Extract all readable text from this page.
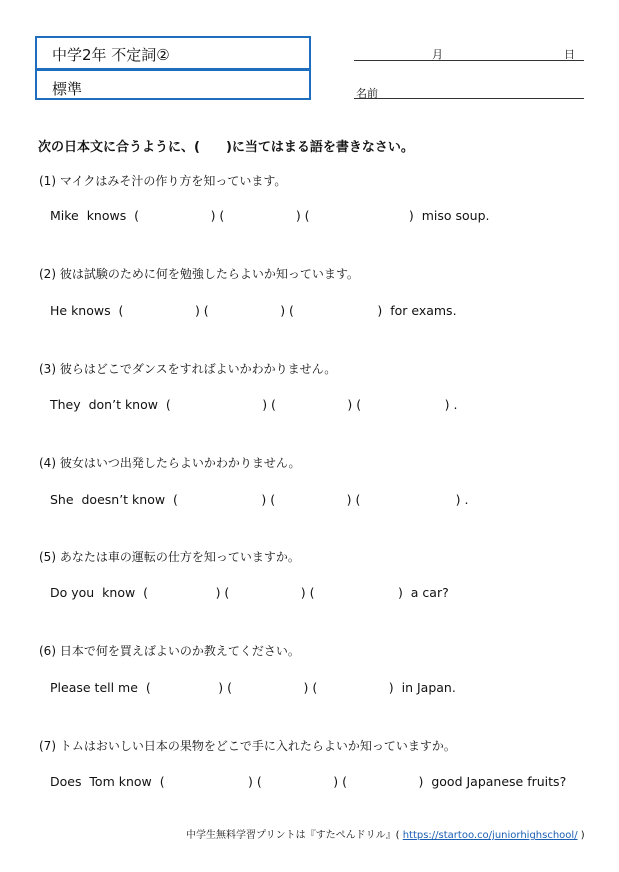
中学2年 不定詞②
標準
月	日
名前
次の日本文に合うように、(　　)に当てはまる語を書きなさい。
(1) マイクはみそ汁の作り方を知っています。
Mike  knows  (                  ) (                  ) (                         )  miso soup.
(2) 彼は試験のために何を勉強したらよいか知っています。
He knows  (                  ) (                  ) (                     )  for exams.
(3) 彼らはどこでダンスをすればよいかわかりません。
They  don’t know  (                       ) (                  ) (                     ) .
(4) 彼女はいつ出発したらよいかわかりません。
She  doesn’t know  (                     ) (                  ) (                        ) .
(5) あなたは車の運転の仕方を知っていますか。
Do you  know  (                 ) (                  ) (                     )  a car?
(6) 日本で何を買えばよいのか教えてください。
Please tell me  (                 ) (                  ) (                  )  in Japan.
(7) トムはおいしい日本の果物をどこで手に入れたらよいか知っていますか。
Does  Tom know  (                     ) (                  ) (                  )  good Japanese fruits?
中学生無料学習プリントは『すたぺんドリル』( https://startoo.co/juniorhighschool/ )
